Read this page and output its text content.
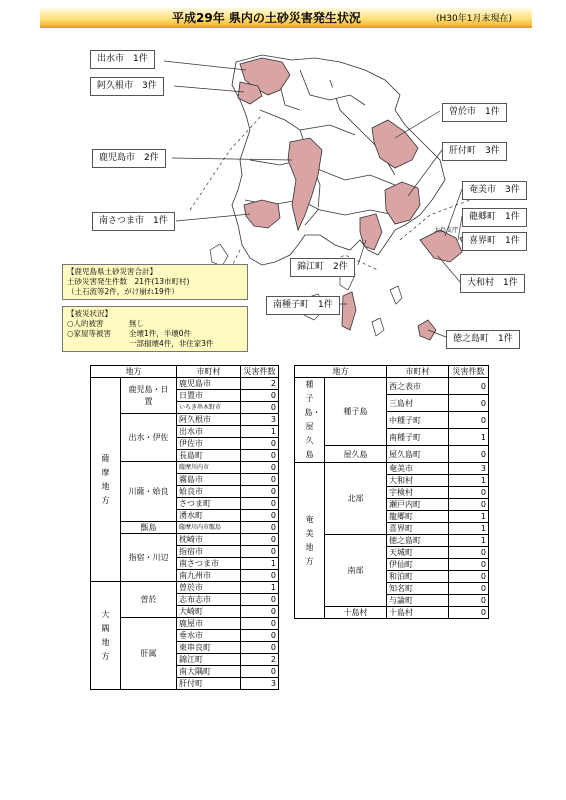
平成29年 県内の土砂災害発生状況	(H30年1月末現在)
大島支庁
出水市　1件
阿久根市　3件
鹿児島市　2件
南さつま市　1件
曽於市　1件
肝付町　3件
奄美市　3件
龍郷町　1件
喜界町　1件
大和村　1件
錦江町　2件
南種子町　1件
徳之島町　1件
【鹿児島県土砂災害合計】
土砂災害発生件数　21件(13市町村)
（土石流等2件，がけ崩れ19件）
【被災状況】
○人的被害	無し
○家屋等被害 全壊1件，半壊0件
一部損壊4件，非住家3件
地方		市町村	災害件数
薩摩地方	鹿児島・日置	鹿児島市	2
		日置市	0
		いちき串木野市	0
	出水・伊佐	阿久根市	3
		出水市	1
		伊佐市	0
		長島町	0
	川薩・姶良	薩摩川内市	0
		霧島市	0
		姶良市	0
		さつま町	0
		湧水町	0
	甑島	薩摩川内市甑島	0
	指宿・川辺	枕崎市	0
		指宿市	0
		南さつま市	1
		南九州市	0
大隅地方	曽於	曽於市	1
		志布志市	0
		大崎町	0
	肝属	鹿屋市	0
		垂水市	0
		東串良町	0
		錦江町	2
		南大隅町	0
		肝付町	3
地方		市町村	災害件数
種子島・屋久島	種子島	西之表市	0
		三島村	0
		中種子町	0
		南種子町	1
	屋久島	屋久島町	0
奄美地方	北部	奄美市	3
		大和村	1
		宇検村	0
		瀬戸内町	0
		龍郷町	1
		喜界町	1
	南部	徳之島町	1
		天城町	0
		伊仙町	0
		和泊町	0
		知名町	0
		与論町	0
	十島村	十島村	0
